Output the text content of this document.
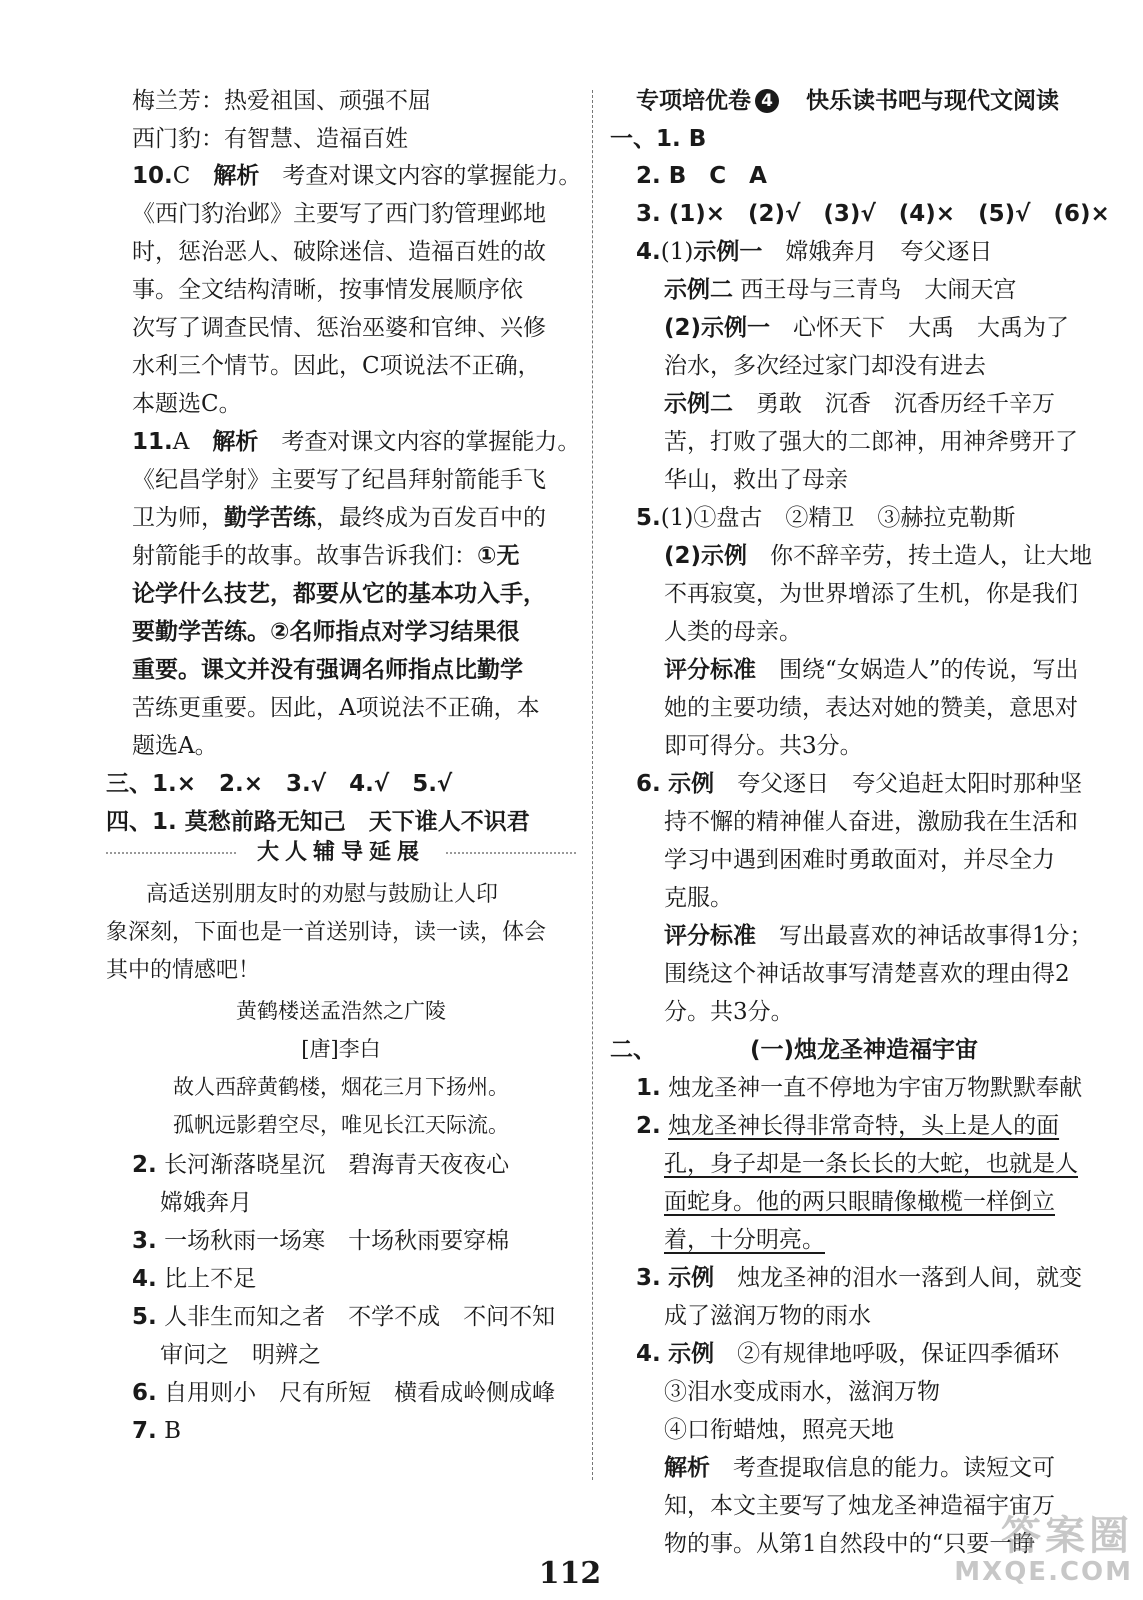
梅兰芳：热爱祖国、顽强不屈
西门豹：有智慧、造福百姓
10.C　 解析　 考查对课文内容的掌握能力。
《西门豹治邺》主要写了西门豹管理邺地
时，惩治恶人、破除迷信、造福百姓的故
事。全文结构清晰，按事情发展顺序依
次写了调查民情、惩治巫婆和官绅、兴修
水利三个情节。因此，C项说法不正确，
本题选C。
11.A　 解析　 考查对课文内容的掌握能力。
《纪昌学射》主要写了纪昌拜射箭能手飞
卫为师，勤学苦练，最终成为百发百中的
射箭能手的故事。故事告诉我们：①无
论学什么技艺，都要从它的基本功入手，
要勤学苦练。②名师指点对学习结果很
重要。课文并没有强调名师指点比勤学
苦练更重要。因此，A项说法不正确，本
题选A。
三、1.×　2.×　3.√　4.√　5.√
四、1. 莫愁前路无知己　天下谁人不识君
大人辅导延展
高适送别朋友时的劝慰与鼓励让人印
象深刻，下面也是一首送别诗，读一读，体会
其中的情感吧！
黄鹤楼送孟浩然之广陵
[唐]李白
故人西辞黄鹤楼，烟花三月下扬州。
孤帆远影碧空尽，唯见长江天际流。
2. 长河渐落晓星沉　碧海青天夜夜心
嫦娥奔月
3. 一场秋雨一场寒　十场秋雨要穿棉
4. 比上不足
5. 人非生而知之者　不学不成　不问不知
审问之　明辨之
6. 自用则小　尺有所短　横看成岭侧成峰
7. B
专项培优卷 4　 快乐读书吧与现代文阅读
一、1. B
2. B　C　A
3. (1)×　(2)√　(3)√　(4)×　(5)√　(6)×
4.(1)示例一　 嫦娥奔月　夸父逐日
示例二 西王母与三青鸟　大闹天宫
(2)示例一　 心怀天下　大禹　大禹为了
治水，多次经过家门却没有进去
示例二　 勇敢　沉香　沉香历经千辛万
苦，打败了强大的二郎神，用神斧劈开了
华山，救出了母亲
5.(1)①盘古　②精卫　③赫拉克勒斯
(2)示例　 你不辞辛劳，抟土造人，让大地
不再寂寞，为世界增添了生机，你是我们
人类的母亲。
评分标准　 围绕“女娲造人”的传说，写出
她的主要功绩，表达对她的赞美，意思对
即可得分。共3分。
6. 示例　 夸父逐日　夸父追赶太阳时那种坚
持不懈的精神催人奋进，激励我在生活和
学习中遇到困难时勇敢面对，并尽全力
克服。
评分标准　 写出最喜欢的神话故事得1分；
围绕这个神话故事写清楚喜欢的理由得2
分。共3分。
二、	(一)烛龙圣神造福宇宙
1. 烛龙圣神一直不停地为宇宙万物默默奉献
2. 烛龙圣神长得非常奇特，头上是人的面
孔，身子却是一条长长的大蛇，也就是人
面蛇身。他的两只眼睛像橄榄一样倒立
着，十分明亮。
3. 示例　 烛龙圣神的泪水一落到人间，就变
成了滋润万物的雨水
4. 示例　 ②有规律地呼吸，保证四季循环
③泪水变成雨水，滋润万物
④口衔蜡烛，照亮天地
解析　 考查提取信息的能力。读短文可
知，本文主要写了烛龙圣神造福宇宙万
物的事。从第1自然段中的“只要一睁
112
答案圈
MXQE.COM
